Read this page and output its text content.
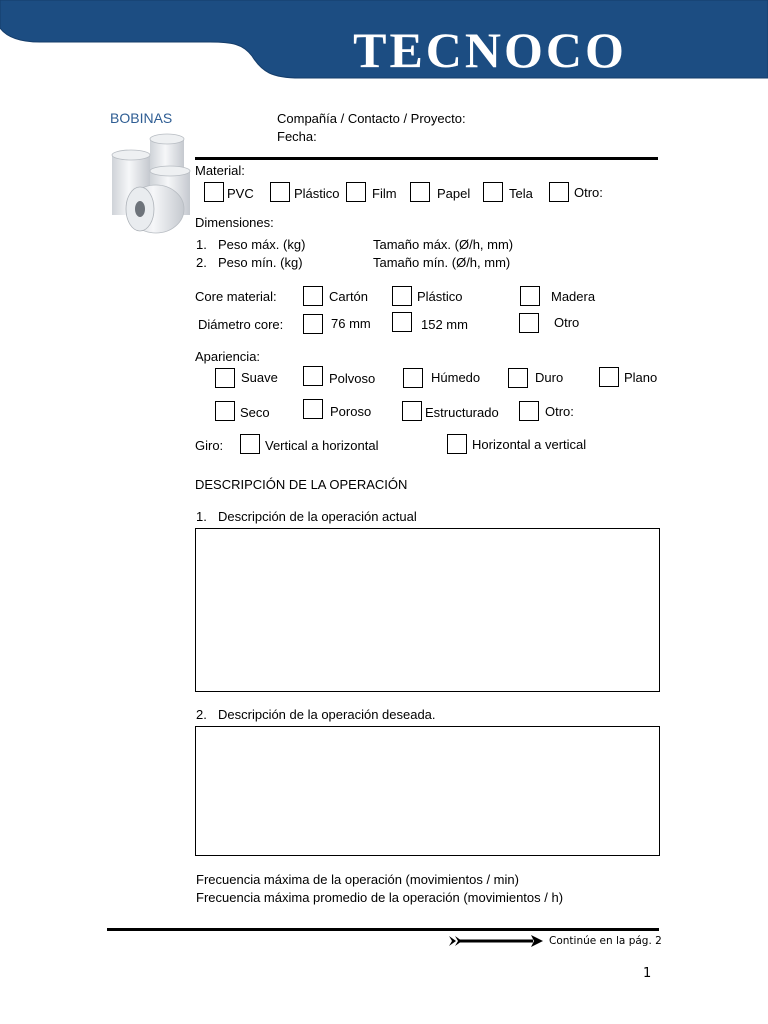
TECNOCO
BOBINAS	Compañía / Contacto / Proyecto:
Fecha:
Material:
PVC	Plástico Film	Papel	Tela	Otro:
Dimensiones:
1. Peso máx. (kg)	Tamaño máx. (Ø/h, mm)
2. Peso mín. (kg)	Tamaño mín. (Ø/h, mm)
Core material:	Cartón	Plástico	Madera
Diámetro core:	76 mm	152 mm	Otro
Apariencia:
Suave	Polvoso	Húmedo	Duro	Plano
Seco	Poroso	Estructurado	Otro:
Giro:	Vertical a horizontal	Horizontal a vertical
DESCRIPCIÓN DE LA OPERACIÓN
1. Descripción de la operación actual
2. Descripción de la operación deseada.
Frecuencia máxima de la operación (movimientos / min)
Frecuencia máxima promedio de la operación (movimientos / h)
Continúe en la pág. 2
1
